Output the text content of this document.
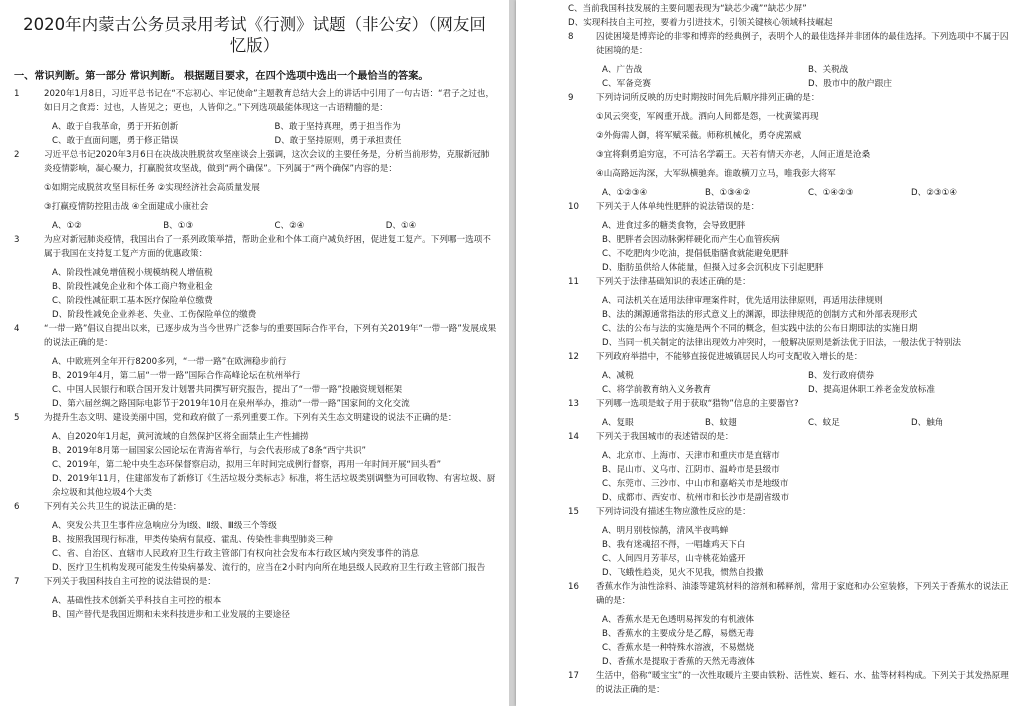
2020年内蒙古公务员录用考试《行测》试题（非公安）（网友回忆版）
一、常识判断。第一部分 常识判断。 根据题目要求，在四个选项中选出一个最恰当的答案。
1	2020年1月8日，习近平总书记在“不忘初心、牢记使命”主题教育总结大会上的讲话中引用了一句古语：“君子之过也，如日月之食焉：过也，人皆见之；更也，人皆仰之。”下列选项最能体现这一古语精髓的是：
A、敢于自我革命，勇于开拓创新	B、敢于坚持真理，勇于担当作为
C、敢于直面问题，勇于修正错误	D、敢于坚持原则，勇于承担责任
2	习近平总书记2020年3月6日在决战决胜脱贫攻坚座谈会上强调，这次会议的主要任务是，分析当前形势，克服新冠肺炎疫情影响，凝心聚力，打赢脱贫攻坚战，做到“两个确保”。下列属于“两个确保”内容的是：
①如期完成脱贫攻坚目标任务 ②实现经济社会高质量发展
③打赢疫情防控阻击战 ④全面建成小康社会
A、①②	B、①③	C、②④	D、①④
3	为应对新冠肺炎疫情，我国出台了一系列政策举措，帮助企业和个体工商户减负纾困，促进复工复产。下列哪一选项不属于我国在支持复工复产方面的优惠政策：
A、阶段性减免增值税小规模纳税人增值税
B、阶段性减免企业和个体工商户物业租金
C、阶段性减征职工基本医疗保险单位缴费
D、阶段性减免企业养老、失业、工伤保险单位的缴费
4	“一带一路”倡议自提出以来，已逐步成为当今世界广泛参与的重要国际合作平台，下列有关2019年“一带一路”发展成果的说法正确的是：
A、中欧班列全年开行8200多列，“一带一路”在欧洲稳步前行
B、2019年4月，第二届“一带一路”国际合作高峰论坛在杭州举行
C、中国人民银行和联合国开发计划署共同撰写研究报告，提出了“一带一路”投融资规划框架
D、第六届丝绸之路国际电影节于2019年10月在泉州举办，推动“一带一路”国家间的文化交流
5	为提升生态文明、建设美丽中国，党和政府做了一系列重要工作。下列有关生态文明建设的说法不正确的是：
A、自2020年1月起，黄河流域的自然保护区将全面禁止生产性捕捞
B、2019年8月第一届国家公园论坛在青海省举行，与会代表形成了8条“西宁共识”
C、2019年，第二轮中央生态环保督察启动，拟用三年时间完成例行督察，再用一年时间开展“回头看”
D、2019年11月，住建部发布了新修订《生活垃圾分类标志》标准，将生活垃圾类别调整为可回收物、有害垃圾、厨余垃圾和其他垃圾4个大类
6	下列有关公共卫生的说法正确的是：
A、突发公共卫生事件应急响应分为Ⅰ级、Ⅱ级、Ⅲ级三个等级
B、按照我国现行标准，甲类传染病有鼠疫、霍乱、传染性非典型肺炎三种
C、省、自治区、直辖市人民政府卫生行政主管部门有权向社会发布本行政区域内突发事件的消息
D、医疗卫生机构发现可能发生传染病暴发、流行的，应当在2小时内向所在地县级人民政府卫生行政主管部门报告
7	下列关于我国科技自主可控的说法错误的是：
A、基础性技术创新关乎科技自主可控的根本
B、国产替代是我国近期和未来科技进步和工业发展的主要途径
C、当前我国科技发展的主要问题表现为“缺芯少魂”“缺芯少屏”
D、实现科技自主可控，要着力引进技术，引领关键核心领域科技崛起
8	囚徒困境是博弈论的非零和博弈的经典例子，表明个人的最佳选择并非团体的最佳选择。下列选项中不属于囚徒困境的是：
A、广告战	B、关税战
C、军备竞赛	D、股市中的散户跟庄
9	下列诗词所反映的历史时期按时间先后顺序排列正确的是：
①风云突变，军阀重开战。洒向人间都是怨，一枕黄粱再现
②外侮需人御，将军赋采薇。师称机械化，勇夺虎罴威
③宜将剩勇追穷寇，不可沽名学霸王。天若有情天亦老，人间正道是沧桑
④山高路远沟深，大军纵横驰奔。谁敢横刀立马，唯我彭大将军
A、①②③④	B、①③④②	C、①④②③	D、②③①④
10	下列关于人体单纯性肥胖的说法错误的是：
A、进食过多的糖类食物，会导致肥胖
B、肥胖者会因动脉粥样硬化而产生心血管疾病
C、不吃肥肉少吃油，提倡低脂膳食就能避免肥胖
D、脂肪虽供给人体能量，但摄入过多会沉积皮下引起肥胖
11	下列关于法律基础知识的表述正确的是：
A、司法机关在适用法律审理案件时，优先适用法律原则，再适用法律规则
B、法的渊源通常指法的形式意义上的渊源，即法律规范的创制方式和外部表现形式
C、法的公布与法的实施是两个不同的概念，但实践中法的公布日期即法的实施日期
D、当同一机关制定的法律出现效力冲突时，一般解决原则是新法优于旧法，一般法优于特别法
12	下列政府举措中，不能够直接促进城镇居民人均可支配收入增长的是：
A、减税	B、发行政府债券
C、将学前教育纳入义务教育	D、提高退休职工养老金发放标准
13	下列哪一选项是蚊子用于获取“猎物”信息的主要器官?
A、复眼	B、蚊翅	C、蚊足	D、触角
14	下列关于我国城市的表述错误的是：
A、北京市、上海市、天津市和重庆市是直辖市
B、昆山市、义乌市、江阴市、温岭市是县级市
C、东莞市、三沙市、中山市和嘉峪关市是地级市
D、成都市、西安市、杭州市和长沙市是副省级市
15	下列诗词没有描述生物应激性反应的是：
A、明月别枝惊鹊，清风半夜鸣蝉
B、我有迷魂招不得，一唱雄鸡天下白
C、人间四月芳菲尽，山寺桃花始盛开
D、飞蛾性趋炎，见火不见我，惯然自投撒
16	香蕉水作为油性涂料、油漆等建筑材料的溶剂和稀释剂，常用于家庭和办公室装修，下列关于香蕉水的说法正确的是：
A、香蕉水是无色透明易挥发的有机液体
B、香蕉水的主要成分是乙醇，易燃无毒
C、香蕉水是一种特殊水溶液，不易燃烧
D、香蕉水是提取于香蕉的天然无毒液体
17	生活中，俗称“暖宝宝”的一次性取暖片主要由铁粉、活性炭、蛭石、水、盐等材料构成。下列关于其发热原理的说法正确的是：
